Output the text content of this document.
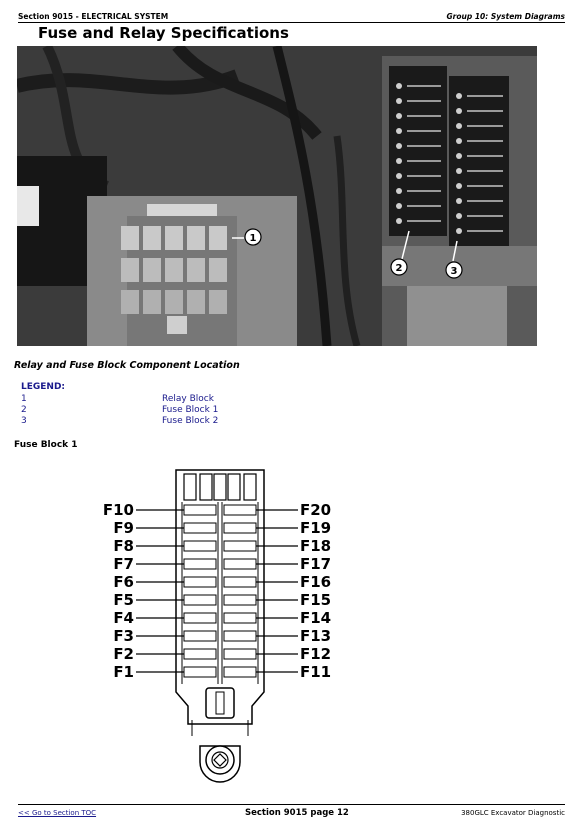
Section 9015 - ELECTRICAL SYSTEM	Group 10: System Diagrams
Fuse and Relay Specifications
1
2	3
Relay and Fuse Block Component Location
LEGEND:
1	Relay Block
2	Fuse Block 1
3	Fuse Block 2
Fuse Block 1
F10	F20
F9	F19
F8	F18
F7	F17
F6	F16
F5	F15
F4	F14
F3	F13
F2	F12
F1	F11
<< Go to Section TOC	Section 9015 page 12	380GLC Excavator Diagnostic
